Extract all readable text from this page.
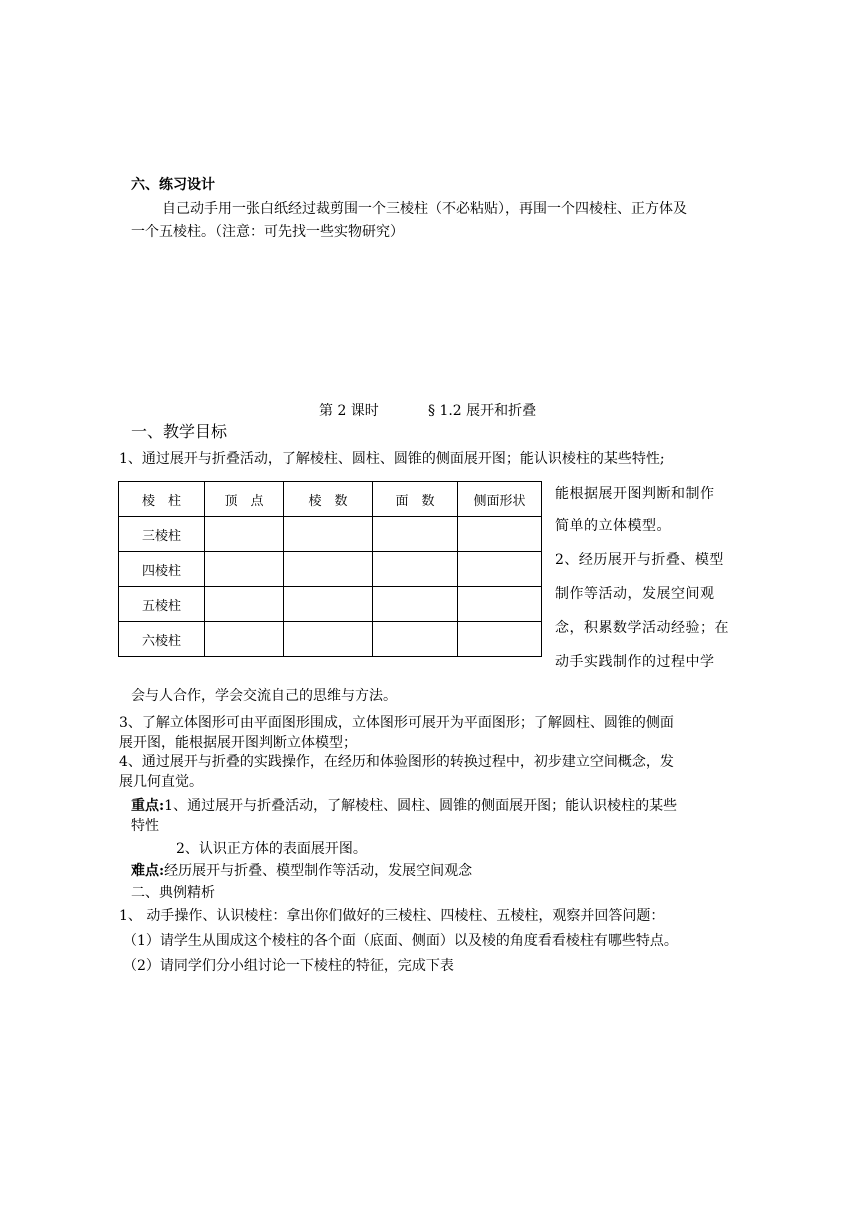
六、练习设计
自己动手用一张白纸经过裁剪围一个三棱柱（不必粘贴），再围一个四棱柱、正方体及
一个五棱柱。（注意：可先找一些实物研究）
第 2 课时	§ 1.2 展开和折叠
一、教学目标
1、通过展开与折叠活动，了解棱柱、圆柱、圆锥的侧面展开图；能认识棱柱的某些特性;
棱　柱	顶　点	棱　数	面　数	侧面形状
三棱柱				
四棱柱				
五棱柱				
六棱柱				
能根据展开图判断和制作
简单的立体模型。
2、经历展开与折叠、模型
制作等活动，发展空间观
念，积累数学活动经验；在
动手实践制作的过程中学
会与人合作，学会交流自己的思维与方法。
3、了解立体图形可由平面图形围成，立体图形可展开为平面图形；了解圆柱、圆锥的侧面
展开图，能根据展开图判断立体模型；
4、通过展开与折叠的实践操作，在经历和体验图形的转换过程中，初步建立空间概念，发
展几何直觉。
重点:1、通过展开与折叠活动，了解棱柱、圆柱、圆锥的侧面展开图；能认识棱柱的某些
特性
2、认识正方体的表面展开图。
难点:经历展开与折叠、模型制作等活动，发展空间观念
二、典例精析
1、 动手操作、认识棱柱：拿出你们做好的三棱柱、四棱柱、五棱柱，观察并回答问题：
（1）请学生从围成这个棱柱的各个面（底面、侧面）以及棱的角度看看棱柱有哪些特点。
（2）请同学们分小组讨论一下棱柱的特征，完成下表
